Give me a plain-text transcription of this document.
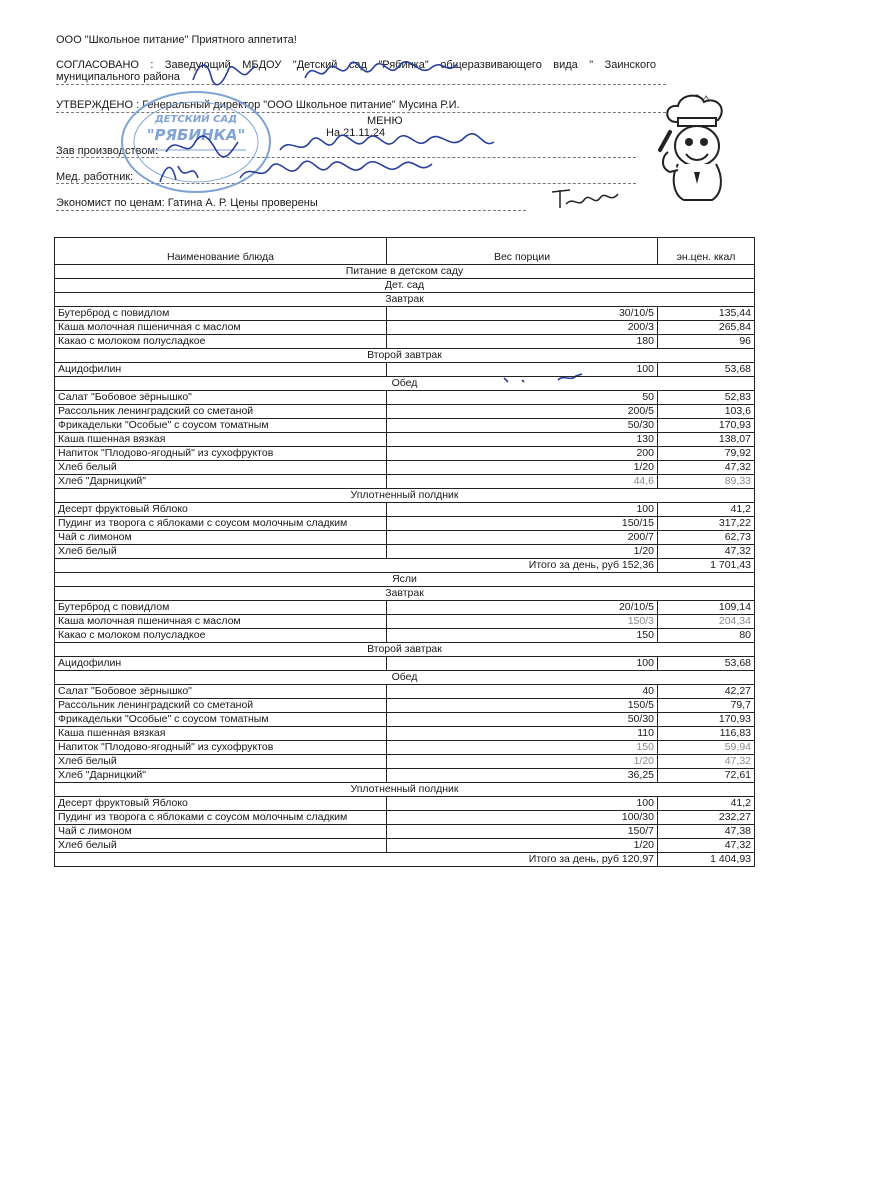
ООО "Школьное питание" Приятного аппетита!
СОГЛАСОВАНО : Заведующий МБДОУ "Детский сад "Рябинка" общеразвивающего вида " Заинского
муниципального района
УТВЕРЖДЕНО : Генеральный директор "ООО Школьное питание" Мусина Р.И.
МЕНЮ
На 21.11.24
Зав производством:
Мед. работник:
Экономист по ценам: Гатина А. Р. Цены проверены
ДЕТСКИЙ САД
"РЯБИНКА"
Наименование блюда	Вес порции	эн.цен. ккал
Питание в детском саду		
Дет. сад		
Завтрак		
Бутерброд с повидлом	30/10/5	135,44
Каша молочная пшеничная с маслом	200/3	265,84
Какао с молоком полусладкое	180	96
Второй завтрак		
Ацидофилин	100	53,68
Обед		
Салат "Бобовое зёрнышко"	50	52,83
Рассольник ленинградский со сметаной	200/5	103,6
Фрикадельки "Особые" с соусом томатным	50/30	170,93
Каша пшенная вязкая	130	138,07
Напиток "Плодово-ягодный" из сухофруктов	200	79,92
Хлеб белый	1/20	47,32
Хлеб "Дарницкий"	44,6	89,33
Уплотненный полдник		
Десерт фруктовый Яблоко	100	41,2
Пудинг из творога с яблоками с соусом молочным сладким	150/15	317,22
Чай с лимоном	200/7	62,73
Хлеб белый	1/20	47,32
Итого за день, руб 152,36		1 701,43
Ясли		
Завтрак		
Бутерброд с повидлом	20/10/5	109,14
Каша молочная пшеничная с маслом	150/3	204,34
Какао с молоком полусладкое	150	80
Второй завтрак		
Ацидофилин	100	53,68
Обед		
Салат "Бобовое зёрнышко"	40	42,27
Рассольник ленинградский со сметаной	150/5	79,7
Фрикадельки "Особые" с соусом томатным	50/30	170,93
Каша пшенная вязкая	110	116,83
Напиток "Плодово-ягодный" из сухофруктов	150	59,94
Хлеб белый	1/20	47,32
Хлеб "Дарницкий"	36,25	72,61
Уплотненный полдник		
Десерт фруктовый Яблоко	100	41,2
Пудинг из творога с яблоками с соусом молочным сладким	100/30	232,27
Чай с лимоном	150/7	47,38
Хлеб белый	1/20	47,32
Итого за день, руб 120,97		1 404,93
